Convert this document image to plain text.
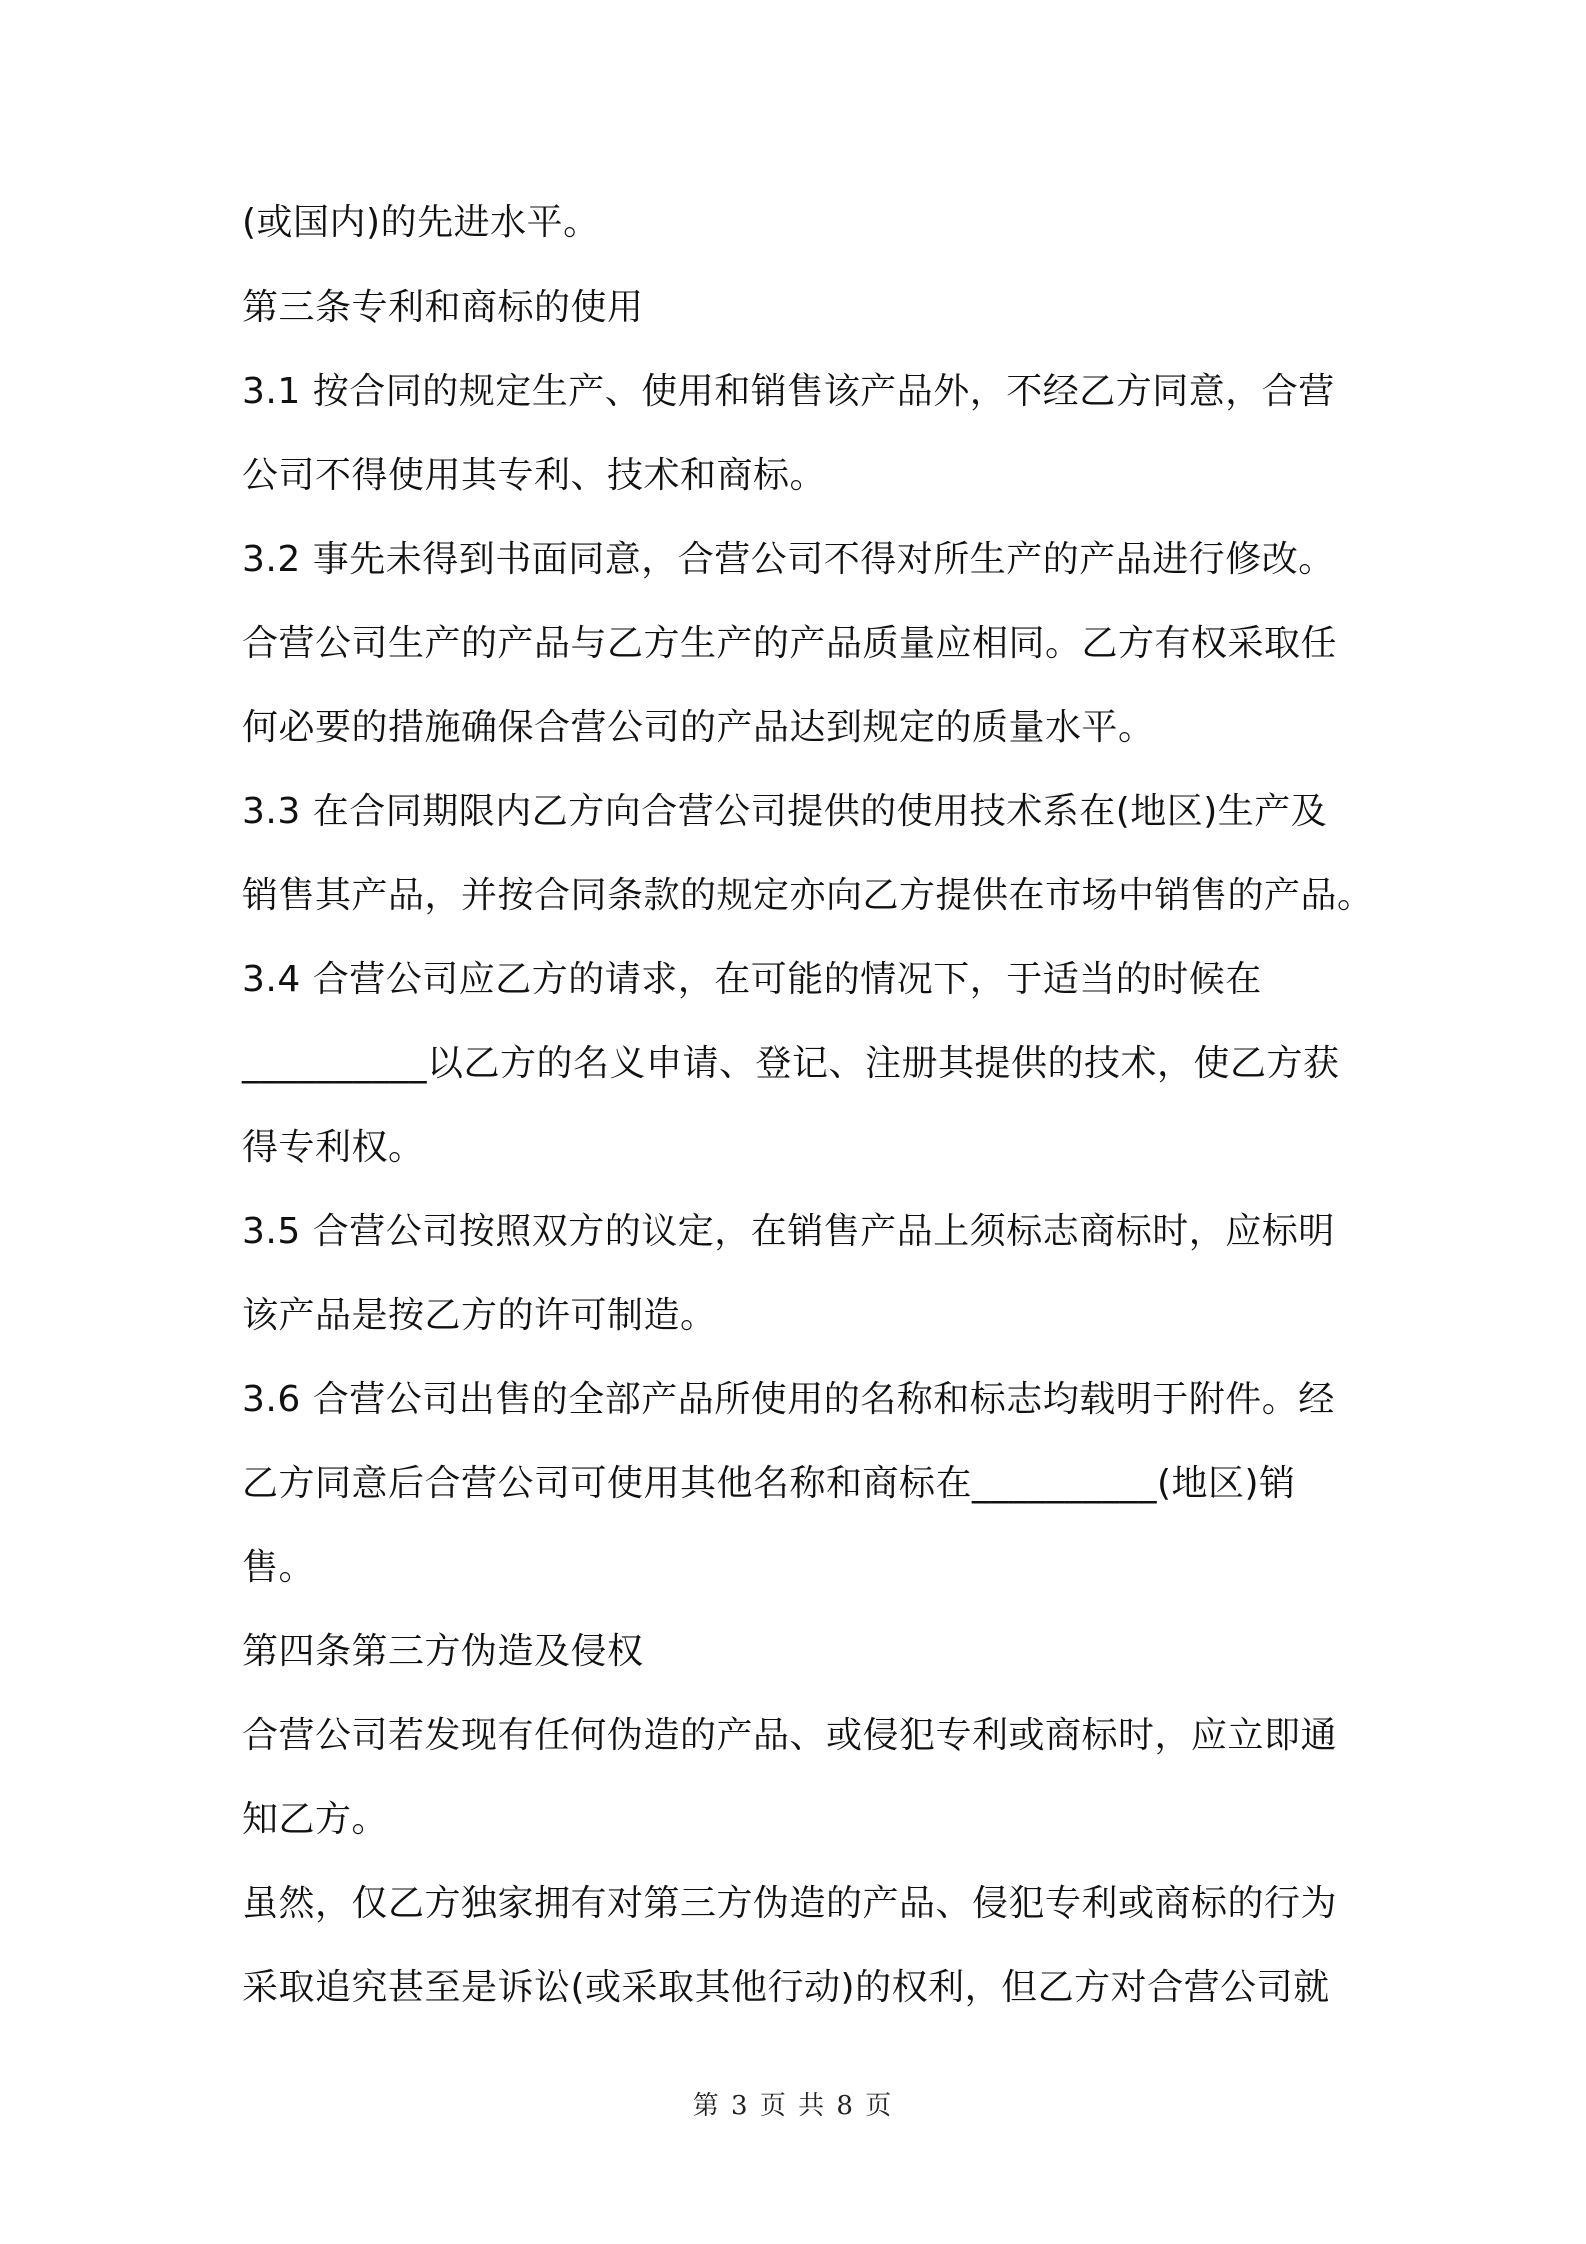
(或国内)的先进水平。
第三条专利和商标的使用
3.1 按合同的规定生产、使用和销售该产品外，不经乙方同意，合营
公司不得使用其专利、技术和商标。
3.2 事先未得到书面同意，合营公司不得对所生产的产品进行修改。
合营公司生产的产品与乙方生产的产品质量应相同。乙方有权采取任
何必要的措施确保合营公司的产品达到规定的质量水平。
3.3 在合同期限内乙方向合营公司提供的使用技术系在(地区)生产及
销售其产品，并按合同条款的规定亦向乙方提供在市场中销售的产品。
3.4 合营公司应乙方的请求，在可能的情况下，于适当的时候在
__________以乙方的名义申请、登记、注册其提供的技术，使乙方获
得专利权。
3.5 合营公司按照双方的议定，在销售产品上须标志商标时，应标明
该产品是按乙方的许可制造。
3.6 合营公司出售的全部产品所使用的名称和标志均载明于附件。经
乙方同意后合营公司可使用其他名称和商标在__________(地区)销
售。
第四条第三方伪造及侵权
合营公司若发现有任何伪造的产品、或侵犯专利或商标时，应立即通
知乙方。
虽然，仅乙方独家拥有对第三方伪造的产品、侵犯专利或商标的行为
采取追究甚至是诉讼(或采取其他行动)的权利，但乙方对合营公司就
第 3 页 共 8 页
